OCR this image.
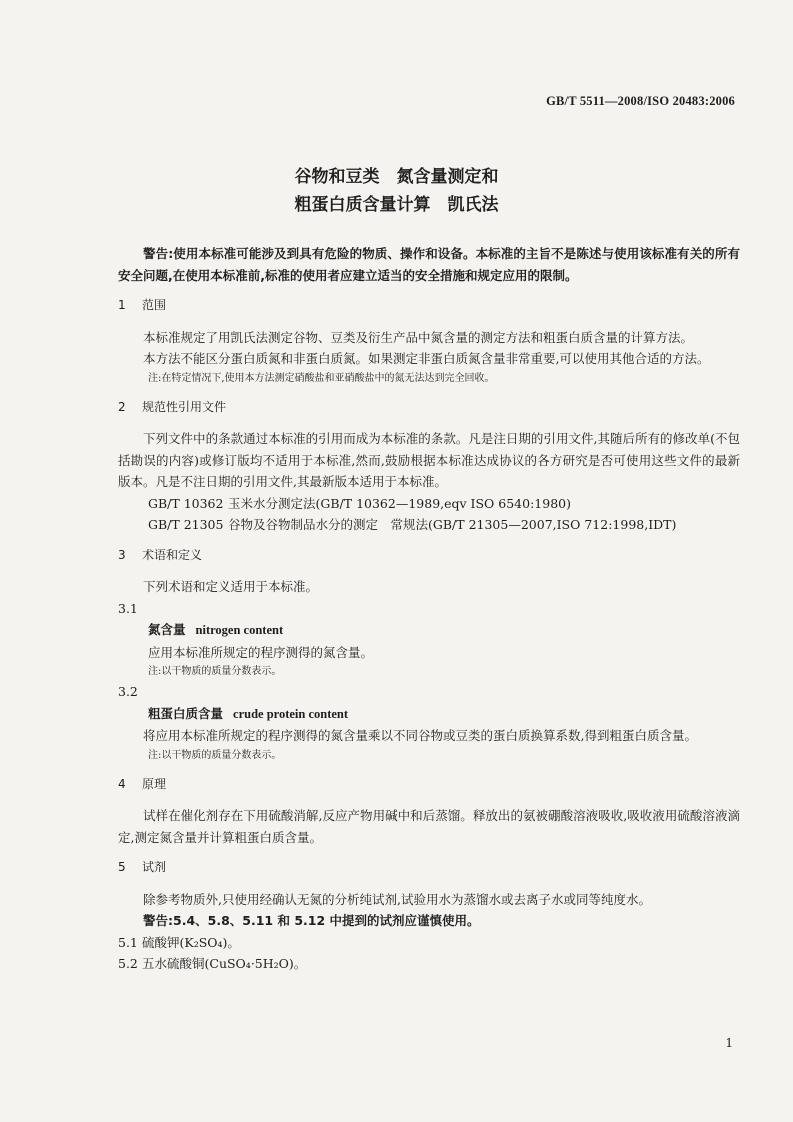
GB/T 5511—2008/ISO 20483:2006
谷物和豆类　氮含量测定和
粗蛋白质含量计算　凯氏法

警告:使用本标准可能涉及到具有危险的物质、操作和设备。本标准的主旨不是陈述与使用该标准有关的所有安全问题,在使用本标准前,标准的使用者应建立适当的安全措施和规定应用的限制。

1 范围

本标准规定了用凯氏法测定谷物、豆类及衍生产品中氮含量的测定方法和粗蛋白质含量的计算方法。

本方法不能区分蛋白质氮和非蛋白质氮。如果测定非蛋白质氮含量非常重要,可以使用其他合适的方法。

注:在特定情况下,使用本方法测定硝酸盐和亚硝酸盐中的氮无法达到完全回收。

2 规范性引用文件

下列文件中的条款通过本标准的引用而成为本标准的条款。凡是注日期的引用文件,其随后所有的修改单(不包括勘误的内容)或修订版均不适用于本标准,然而,鼓励根据本标准达成协议的各方研究是否可使用这些文件的最新版本。凡是不注日期的引用文件,其最新版本适用于本标准。

GB/T 10362 玉米水分测定法(GB/T 10362—1989,eqv ISO 6540:1980)

GB/T 21305 谷物及谷物制品水分的测定　常规法(GB/T 21305—2007,ISO 712:1998,IDT)

3 术语和定义

下列术语和定义适用于本标准。

3.1

氮含量 nitrogen content

应用本标准所规定的程序测得的氮含量。

注:以干物质的质量分数表示。

3.2

粗蛋白质含量 crude protein content

将应用本标准所规定的程序测得的氮含量乘以不同谷物或豆类的蛋白质换算系数,得到粗蛋白质含量。

注:以干物质的质量分数表示。

4 原理

试样在催化剂存在下用硫酸消解,反应产物用碱中和后蒸馏。释放出的氨被硼酸溶液吸收,吸收液用硫酸溶液滴定,测定氮含量并计算粗蛋白质含量。

5 试剂

除参考物质外,只使用经确认无氮的分析纯试剂,试验用水为蒸馏水或去离子水或同等纯度水。

警告:5.4、5.8、5.11 和 5.12 中提到的试剂应谨慎使用。

5.1 硫酸钾(K₂SO₄)。

5.2 五水硫酸铜(CuSO₄·5H₂O)。

1
